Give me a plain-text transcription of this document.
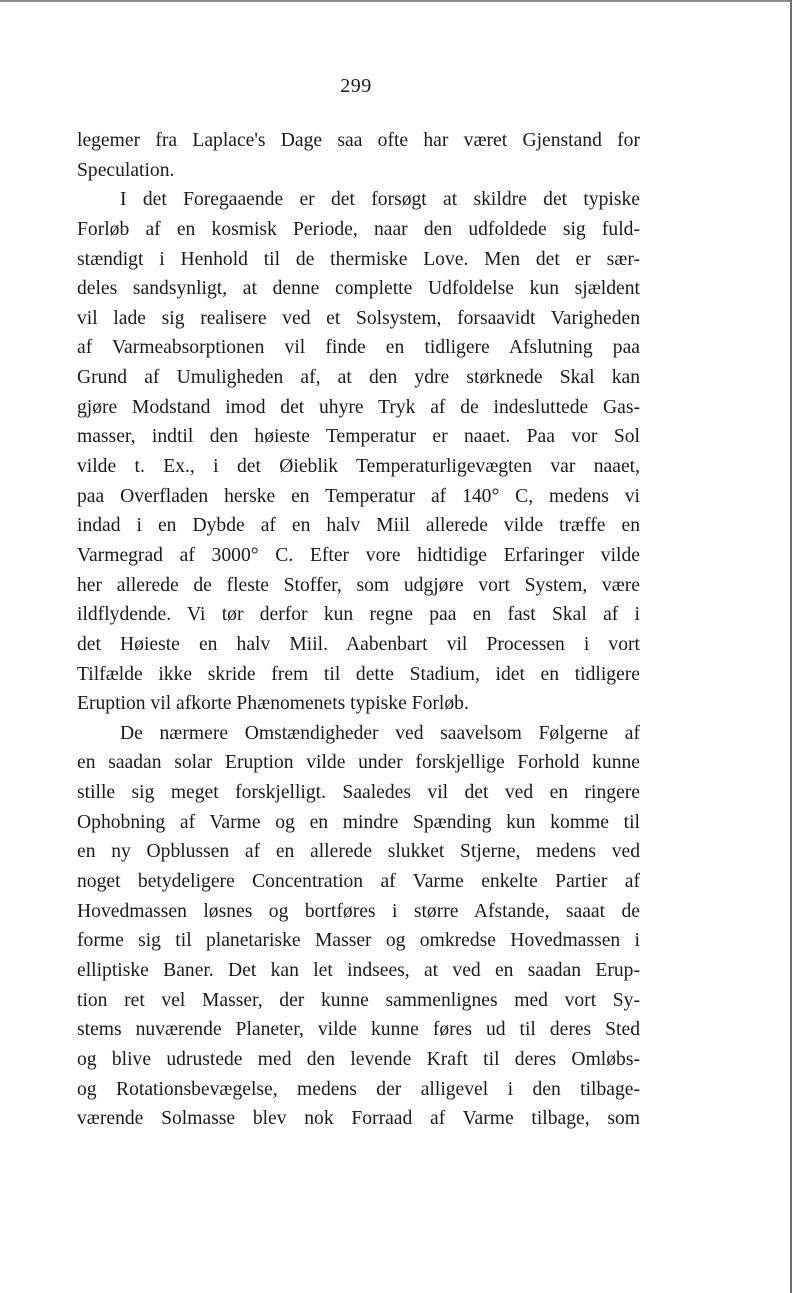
299
legemer fra Laplace's Dage saa ofte har været Gjenstand for
Speculation.
I det Foregaaende er det forsøgt at skildre det typiske
Forløb af en kosmisk Periode, naar den udfoldede sig fuld-
stændigt i Henhold til de thermiske Love. Men det er sær-
deles sandsynligt, at denne complette Udfoldelse kun sjældent
vil lade sig realisere ved et Solsystem, forsaavidt Varigheden
af Varmeabsorptionen vil finde en tidligere Afslutning paa
Grund af Umuligheden af, at den ydre størknede Skal kan
gjøre Modstand imod det uhyre Tryk af de indesluttede Gas-
masser, indtil den høieste Temperatur er naaet. Paa vor Sol
vilde t. Ex., i det Øieblik Temperaturligevægten var naaet,
paa Overfladen herske en Temperatur af 140° C, medens vi
indad i en Dybde af en halv Miil allerede vilde træffe en
Varmegrad af 3000° C. Efter vore hidtidige Erfaringer vilde
her allerede de fleste Stoffer, som udgjøre vort System, være
ildflydende. Vi tør derfor kun regne paa en fast Skal af i
det Høieste en halv Miil. Aabenbart vil Processen i vort
Tilfælde ikke skride frem til dette Stadium, idet en tidligere
Eruption vil afkorte Phænomenets typiske Forløb.
De nærmere Omstændigheder ved saavelsom Følgerne af
en saadan solar Eruption vilde under forskjellige Forhold kunne
stille sig meget forskjelligt. Saaledes vil det ved en ringere
Ophobning af Varme og en mindre Spænding kun komme til
en ny Opblussen af en allerede slukket Stjerne, medens ved
noget betydeligere Concentration af Varme enkelte Partier af
Hovedmassen løsnes og bortføres i større Afstande, saaat de
forme sig til planetariske Masser og omkredse Hovedmassen i
elliptiske Baner. Det kan let indsees, at ved en saadan Erup-
tion ret vel Masser, der kunne sammenlignes med vort Sy-
stems nuværende Planeter, vilde kunne føres ud til deres Sted
og blive udrustede med den levende Kraft til deres Omløbs-
og Rotationsbevægelse, medens der alligevel i den tilbage-
værende Solmasse blev nok Forraad af Varme tilbage, som
